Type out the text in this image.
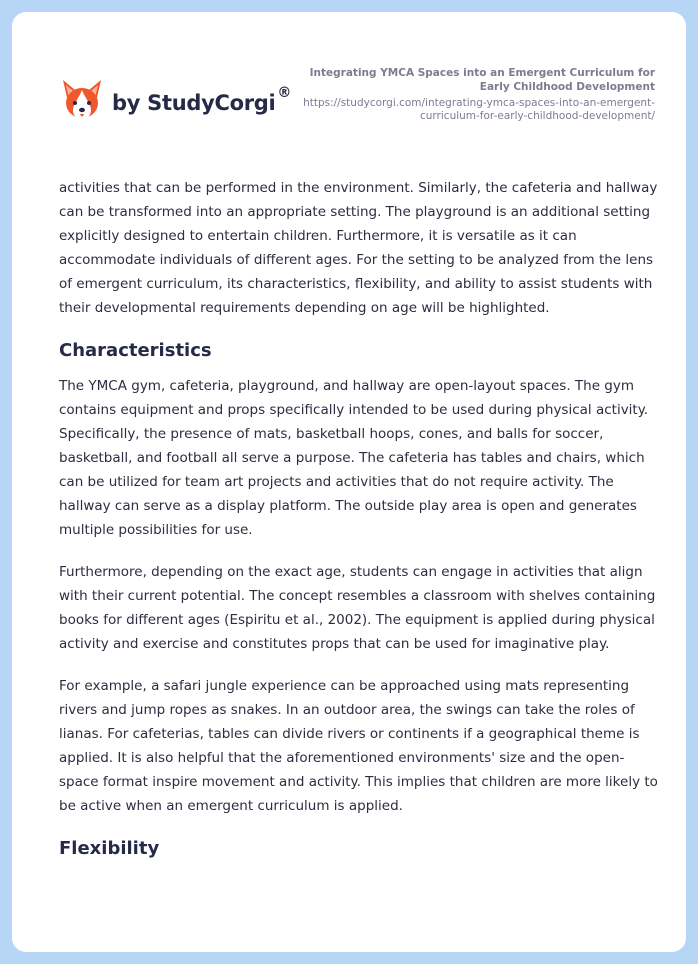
by StudyCorgi ®
Integrating YMCA Spaces into an Emergent Curriculum for Early Childhood Development
https://studycorgi.com/integrating-ymca-spaces-into-an-emergent-curriculum-for-early-childhood-development/

activities that can be performed in the environment. Similarly, the cafeteria and hallway can be transformed into an appropriate setting. The playground is an additional setting explicitly designed to entertain children. Furthermore, it is versatile as it can accommodate individuals of different ages. For the setting to be analyzed from the lens of emergent curriculum, its characteristics, flexibility, and ability to assist students with their developmental requirements depending on age will be highlighted.

Characteristics

The YMCA gym, cafeteria, playground, and hallway are open-layout spaces. The gym contains equipment and props specifically intended to be used during physical activity. Specifically, the presence of mats, basketball hoops, cones, and balls for soccer, basketball, and football all serve a purpose. The cafeteria has tables and chairs, which can be utilized for team art projects and activities that do not require activity. The hallway can serve as a display platform. The outside play area is open and generates multiple possibilities for use.

Furthermore, depending on the exact age, students can engage in activities that align with their current potential. The concept resembles a classroom with shelves containing books for different ages (Espiritu et al., 2002). The equipment is applied during physical activity and exercise and constitutes props that can be used for imaginative play.

For example, a safari jungle experience can be approached using mats representing rivers and jump ropes as snakes. In an outdoor area, the swings can take the roles of lianas. For cafeterias, tables can divide rivers or continents if a geographical theme is applied. It is also helpful that the aforementioned environments' size and the open-space format inspire movement and activity. This implies that children are more likely to be active when an emergent curriculum is applied.

Flexibility
